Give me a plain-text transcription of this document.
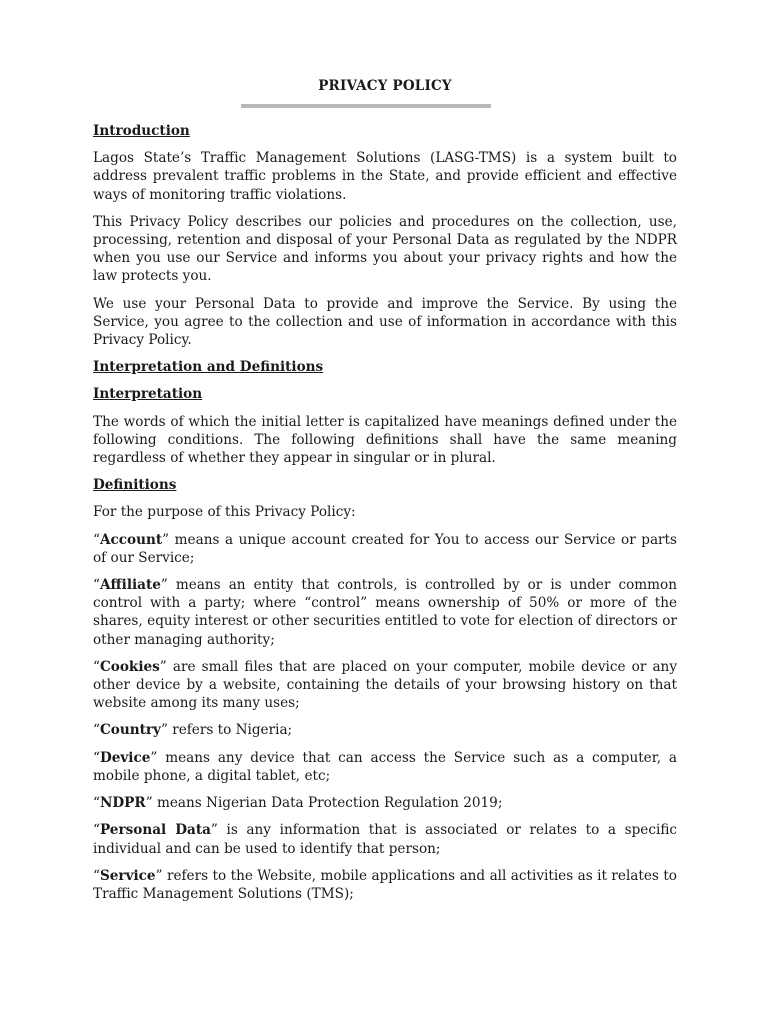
PRIVACY POLICY
Introduction

Lagos State’s Traffic Management Solutions (LASG-TMS) is a system built to address prevalent traffic problems in the State, and provide efficient and effective ways of monitoring traffic violations.

This Privacy Policy describes our policies and procedures on the collection, use, processing, retention and disposal of your Personal Data as regulated by the NDPR when you use our Service and informs you about your privacy rights and how the law protects you.

We use your Personal Data to provide and improve the Service. By using the Service, you agree to the collection and use of information in accordance with this Privacy Policy.

Interpretation and Definitions
Interpretation

The words of which the initial letter is capitalized have meanings defined under the following conditions. The following definitions shall have the same meaning regardless of whether they appear in singular or in plural.

Definitions

For the purpose of this Privacy Policy:

“Account” means a unique account created for You to access our Service or parts of our Service;

“Affiliate” means an entity that controls, is controlled by or is under common control with a party; where “control” means ownership of 50% or more of the shares, equity interest or other securities entitled to vote for election of directors or other managing authority;

“Cookies” are small files that are placed on your computer, mobile device or any other device by a website, containing the details of your browsing history on that website among its many uses;

“Country” refers to Nigeria;

“Device” means any device that can access the Service such as a computer, a mobile phone, a digital tablet, etc;

“NDPR” means Nigerian Data Protection Regulation 2019;

“Personal Data” is any information that is associated or relates to a specific individual and can be used to identify that person;

“Service” refers to the Website, mobile applications and all activities as it relates to Traffic Management Solutions (TMS);
